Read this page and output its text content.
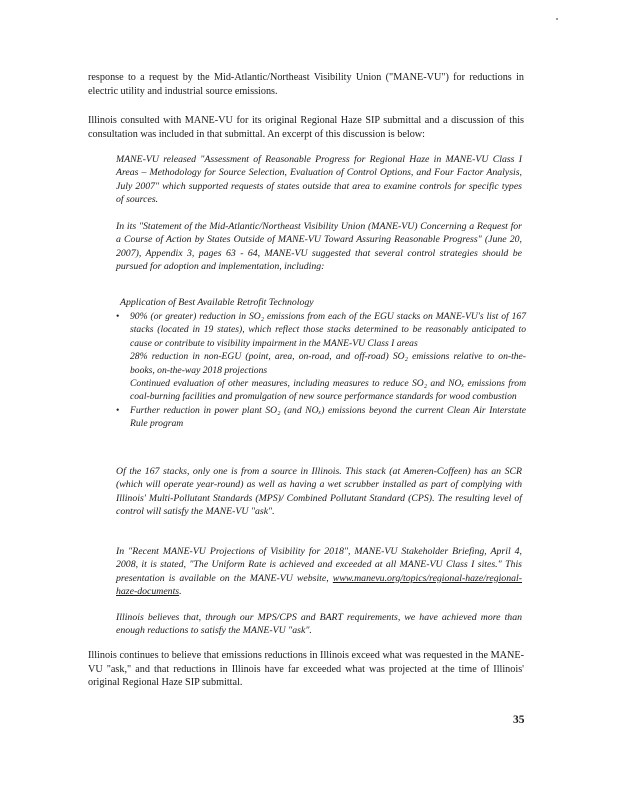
response to a request by the Mid-Atlantic/Northeast Visibility Union ("MANE-VU") for reductions in electric utility and industrial source emissions.

Illinois consulted with MANE-VU for its original Regional Haze SIP submittal and a discussion of this consultation was included in that submittal. An excerpt of this discussion is below:

MANE-VU released "Assessment of Reasonable Progress for Regional Haze in MANE-VU Class I Areas – Methodology for Source Selection, Evaluation of Control Options, and Four Factor Analysis, July 2007" which supported requests of states outside that area to examine controls for specific types of sources.

In its "Statement of the Mid-Atlantic/Northeast Visibility Union (MANE-VU) Concerning a Request for a Course of Action by States Outside of MANE-VU Toward Assuring Reasonable Progress" (June 20, 2007), Appendix 3, pages 63 - 64, MANE-VU suggested that several control strategies should be pursued for adoption and implementation, including:

Application of Best Available Retrofit Technology

• 90% (or greater) reduction in SO₂ emissions from each of the EGU stacks on MANE-VU's list of 167 stacks (located in 19 states), which reflect those stacks determined to be reasonably anticipated to cause or contribute to visibility impairment in the MANE-VU Class I areas
28% reduction in non-EGU (point, area, on-road, and off-road) SO₂ emissions relative to on-the-books, on-the-way 2018 projections
Continued evaluation of other measures, including measures to reduce SO₂ and NOₓ emissions from coal-burning facilities and promulgation of new source performance standards for wood combustion
• Further reduction in power plant SO₂ (and NOₓ) emissions beyond the current Clean Air Interstate Rule program

Of the 167 stacks, only one is from a source in Illinois. This stack (at Ameren-Coffeen) has an SCR (which will operate year-round) as well as having a wet scrubber installed as part of complying with Illinois' Multi-Pollutant Standards (MPS)/ Combined Pollutant Standard (CPS). The resulting level of control will satisfy the MANE-VU "ask".

In "Recent MANE-VU Projections of Visibility for 2018", MANE-VU Stakeholder Briefing, April 4, 2008, it is stated, "The Uniform Rate is achieved and exceeded at all MANE-VU Class I sites." This presentation is available on the MANE-VU website, www.manevu.org/topics/regional-haze/regional-haze-documents.

Illinois believes that, through our MPS/CPS and BART requirements, we have achieved more than enough reductions to satisfy the MANE-VU "ask".

Illinois continues to believe that emissions reductions in Illinois exceed what was requested in the MANE-VU "ask," and that reductions in Illinois have far exceeded what was projected at the time of Illinois' original Regional Haze SIP submittal.

35
